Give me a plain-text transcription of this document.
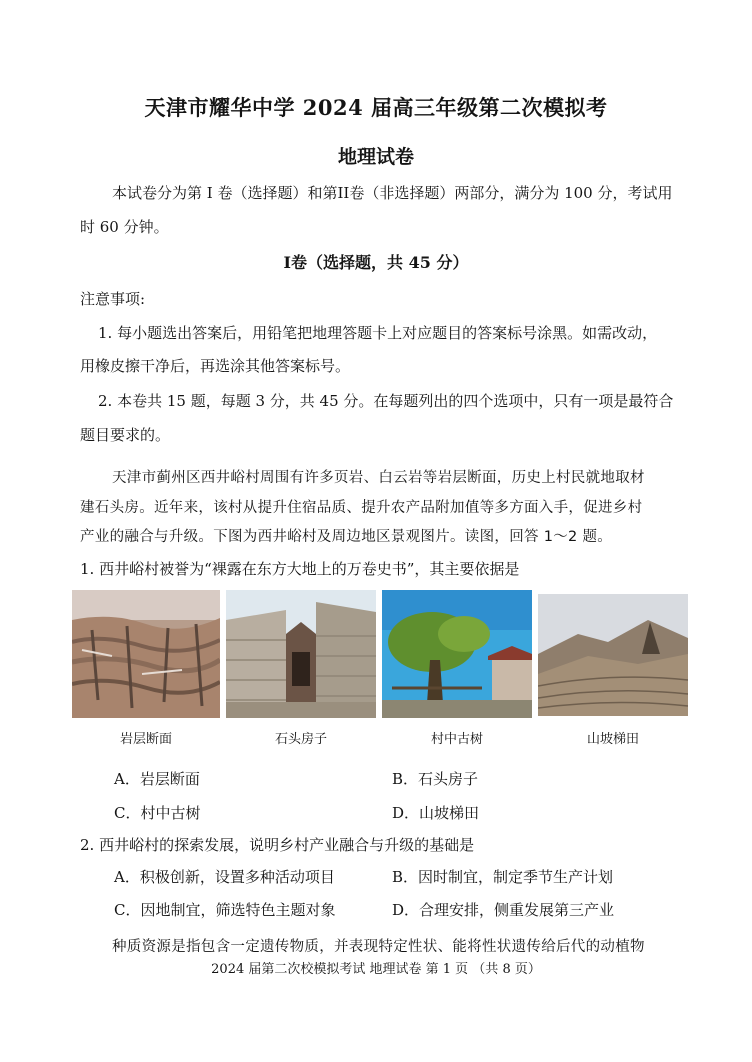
天津市耀华中学 2024 届高三年级第二次模拟考
地理试卷
本试卷分为第 I 卷（选择题）和第II卷（非选择题）两部分，满分为 100 分，考试用
时 60 分钟。
I卷（选择题，共 45 分）
注意事项:
1. 每小题选出答案后，用铅笔把地理答题卡上对应题目的答案标号涂黑。如需改动，
用橡皮擦干净后，再选涂其他答案标号。
2. 本卷共 15 题，每题 3 分，共 45 分。在每题列出的四个选项中，只有一项是最符合
题目要求的。
天津市蓟州区西井峪村周围有许多页岩、白云岩等岩层断面，历史上村民就地取材
建石头房。近年来，该村从提升住宿品质、提升农产品附加值等多方面入手，促进乡村
产业的融合与升级。下图为西井峪村及周边地区景观图片。读图，回答 1～2 题。
1. 西井峪村被誉为“裸露在东方大地上的万卷史书”，其主要依据是
岩层断面	石头房子	村中古树	山坡梯田
A．岩层断面	B．石头房子
C．村中古树	D．山坡梯田
2. 西井峪村的探索发展，说明乡村产业融合与升级的基础是
A．积极创新，设置多种活动项目	B．因时制宜，制定季节生产计划
C．因地制宜，筛选特色主题对象	D．合理安排，侧重发展第三产业
种质资源是指包含一定遗传物质，并表现特定性状、能将性状遗传给后代的动植物
2024 届第二次校模拟考试 地理试卷 第 1 页 （共 8 页）
